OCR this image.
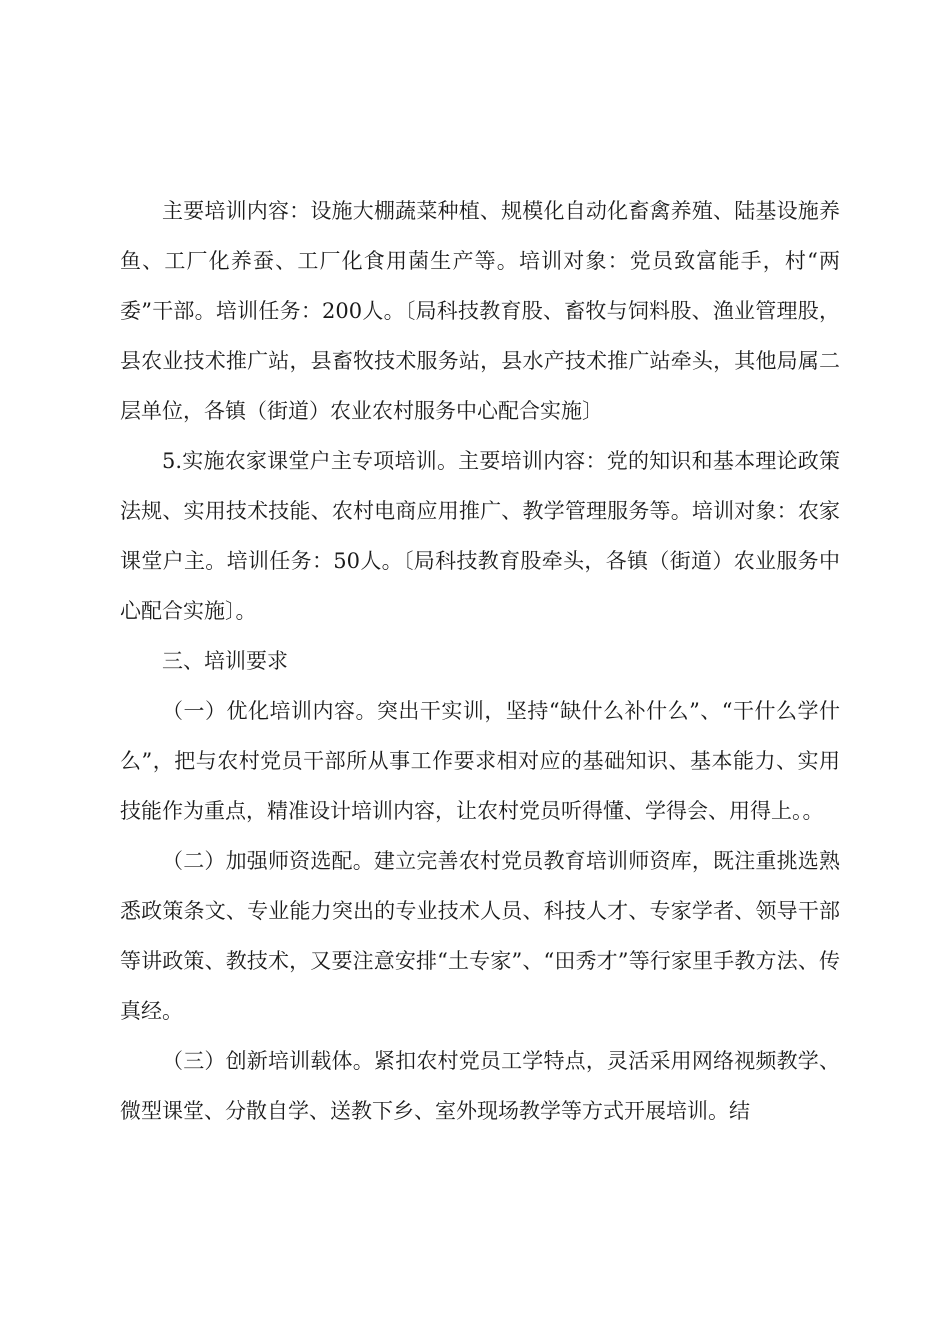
主要培训内容：设施大棚蔬菜种植、规模化自动化畜禽养殖、陆基设施养鱼、工厂化养蚕、工厂化食用菌生产等。培训对象：党员致富能手，村“两委”干部。培训任务：200人。〔局科技教育股、畜牧与饲料股、渔业管理股，县农业技术推广站，县畜牧技术服务站，县水产技术推广站牵头，其他局属二层单位，各镇（街道）农业农村服务中心配合实施〕

5.实施农家课堂户主专项培训。主要培训内容：党的知识和基本理论政策法规、实用技术技能、农村电商应用推广、教学管理服务等。培训对象：农家课堂户主。培训任务：50人。〔局科技教育股牵头，各镇（街道）农业服务中心配合实施〕。

三、培训要求

（一）优化培训内容。突出干实训，坚持“缺什么补什么”、“干什么学什么”，把与农村党员干部所从事工作要求相对应的基础知识、基本能力、实用技能作为重点，精准设计培训内容，让农村党员听得懂、学得会、用得上。。

（二）加强师资选配。建立完善农村党员教育培训师资库，既注重挑选熟悉政策条文、专业能力突出的专业技术人员、科技人才、专家学者、领导干部等讲政策、教技术，又要注意安排“土专家”、“田秀才”等行家里手教方法、传真经。

（三）创新培训载体。紧扣农村党员工学特点，灵活采用网络视频教学、微型课堂、分散自学、送教下乡、室外现场教学等方式开展培训。结
